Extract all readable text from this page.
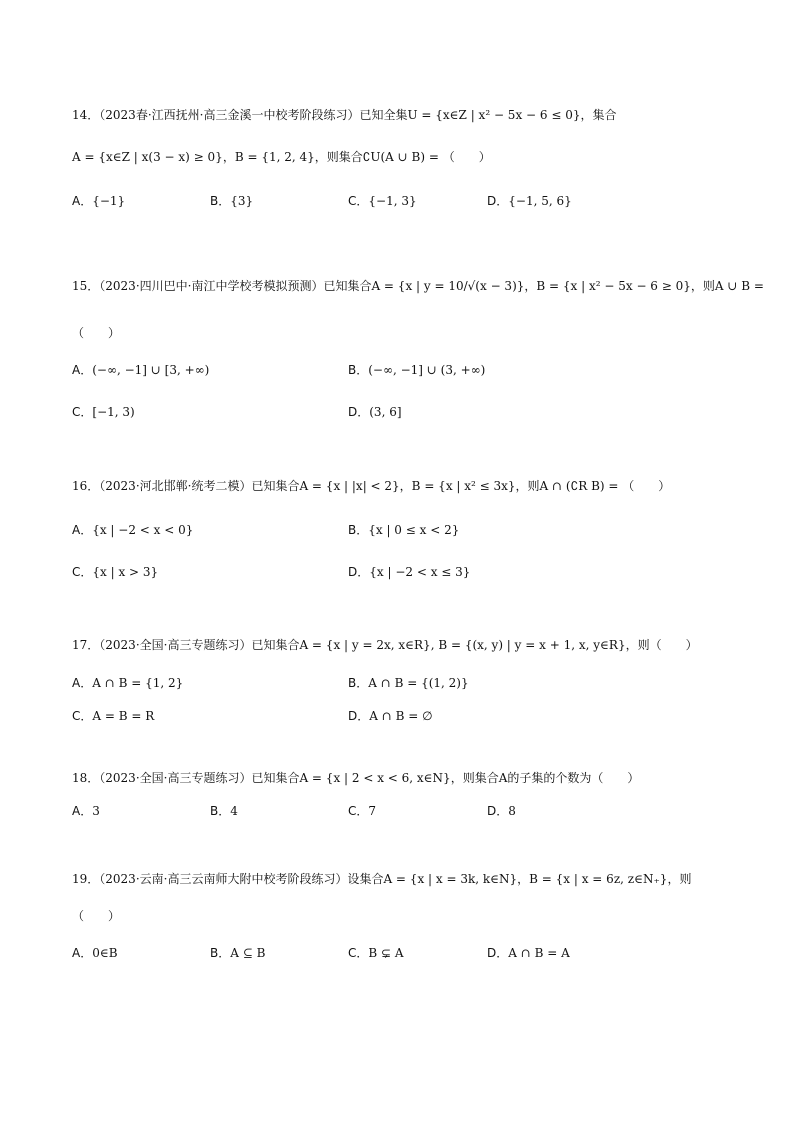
14．（2023春·江西抚州·高三金溪一中校考阶段练习）已知全集U = {x∈Z | x² − 5x − 6 ≤ 0}，集合
A = {x∈Z | x(3 − x) ≥ 0}，B = {1, 2, 4}，则集合∁U(A ∪ B) = （　　）
A．{−1}	B．{3}	C．{−1, 3}	D．{−1, 5, 6}
15．（2023·四川巴中·南江中学校考模拟预测）已知集合A = {x | y = 10/√(x − 3)}，B = {x | x² − 5x − 6 ≥ 0}，则A ∪ B =
（　　）
A．(−∞, −1] ∪ [3, +∞)	B．(−∞, −1] ∪ (3, +∞)
C．[−1, 3)	D．(3, 6]
16．（2023·河北邯郸·统考二模）已知集合A = {x | |x| < 2}，B = {x | x² ≤ 3x}，则A ∩ (∁R B) = （　　）
A．{x | −2 < x < 0}	B．{x | 0 ≤ x < 2}
C．{x | x > 3}	D．{x | −2 < x ≤ 3}
17．（2023·全国·高三专题练习）已知集合A = {x | y = 2x, x∈R}, B = {(x, y) | y = x + 1, x, y∈R}，则（　　）
A．A ∩ B = {1, 2}	B．A ∩ B = {(1, 2)}
C．A = B = R	D．A ∩ B = ∅
18．（2023·全国·高三专题练习）已知集合A = {x | 2 < x < 6, x∈N}，则集合A的子集的个数为（　　）
A．3	B．4	C．7	D．8
19．（2023·云南·高三云南师大附中校考阶段练习）设集合A = {x | x = 3k, k∈N}，B = {x | x = 6z, z∈N₊}，则
（　　）
A．0∈B	B．A ⊆ B	C．B ⊊ A	D．A ∩ B = A
